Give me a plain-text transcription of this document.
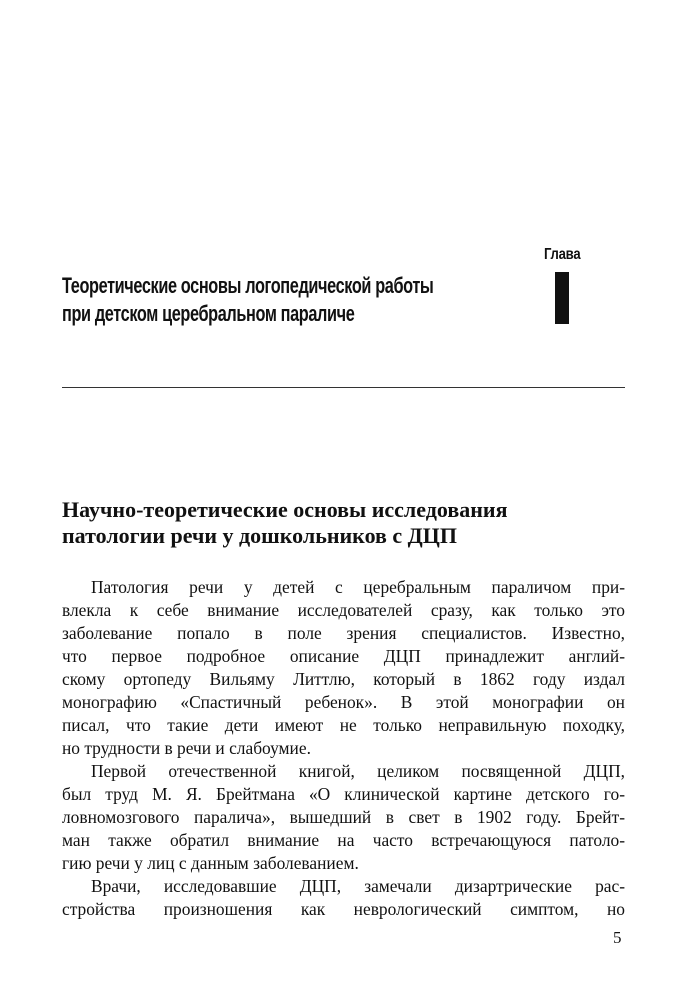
Глава
Теоретические основы логопедической работы
при детском церебральном параличе
Научно-теоретические основы исследования
патологии речи у дошкольников с ДЦП
Патология речи у детей с церебральным параличом при-
влекла к себе внимание исследователей сразу, как только это
заболевание попало в поле зрения специалистов. Известно,
что первое подробное описание ДЦП принадлежит англий-
скому ортопеду Вильяму Литтлю, который в 1862 году издал
монографию «Спастичный ребенок». В этой монографии он
писал, что такие дети имеют не только неправильную походку,
но трудности в речи и слабоумие.
Первой отечественной книгой, целиком посвященной ДЦП,
был труд М. Я. Брейтмана «О клинической картине детского го-
ловномозгового паралича», вышедший в свет в 1902 году. Брейт-
ман также обратил внимание на часто встречающуюся патоло-
гию речи у лиц с данным заболеванием.
Врачи, исследовавшие ДЦП, замечали дизартрические рас-
стройства произношения как неврологический симптом, но
5
